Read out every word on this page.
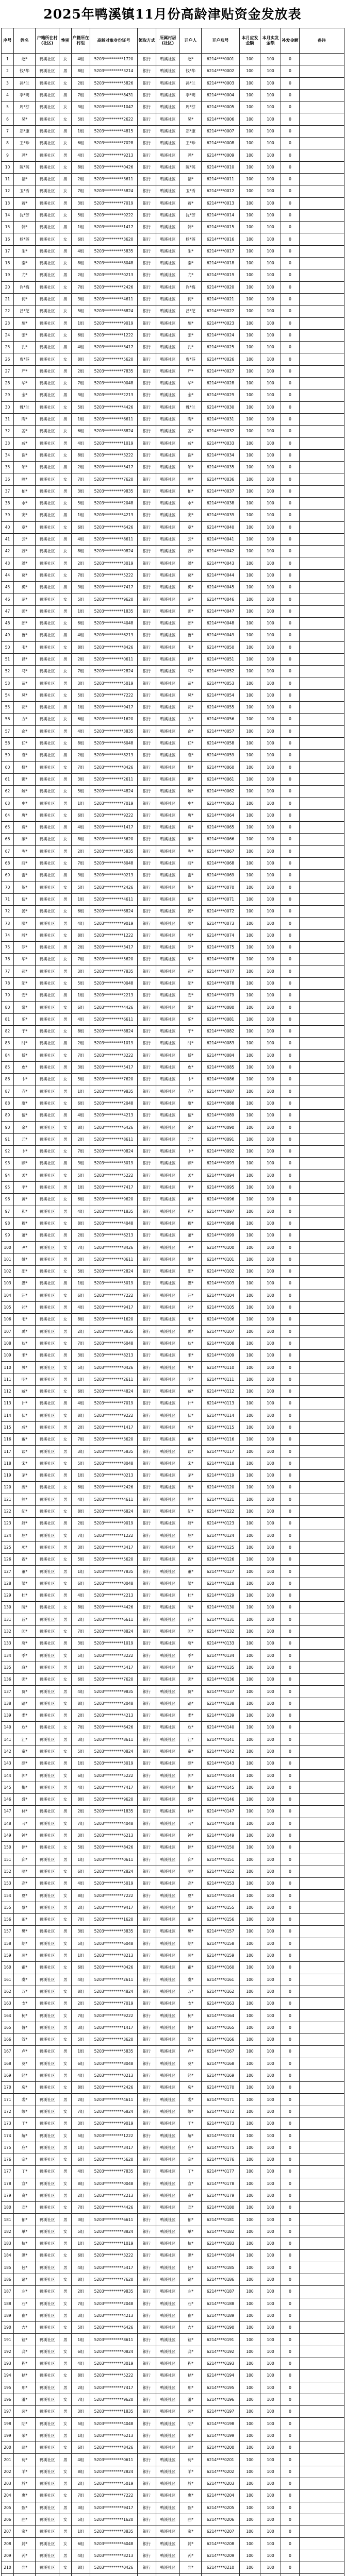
2025年鸭溪镇11月份高龄津贴资金发放表
序号	姓名	户籍所在村(社区)	性别	户籍所在村组	高龄对象身份证号	领取方式	所属村居(社区)	开户人	开户账号	本月应发金额	本月实发金额	补发金额	备注
1	赵*	鸭溪社区	女	4组	5203**********1720	银行	鸭溪社区	赵*	6214****0001	100	100	0	
2	钱*华	鸭溪社区	男	8组	5203**********3214	银行	鸭溪社区	钱*华	6214****0002	100	100	0	
3	孙*兰	鸭溪社区	女	2组	5203**********5826	银行	鸭溪社区	孙*兰	6214****0003	100	100	0	
4	李*明	鸭溪社区	男	7组	5203**********8431	银行	鸭溪社区	李*明	6214****0004	100	100	0	
5	周*芬	鸭溪社区	女	3组	5203**********1047	银行	鸭溪社区	周*芬	6214****0005	100	100	0	
6	吴*	鸭溪社区	女	5组	5203**********2622	银行	鸭溪社区	吴*	6214****0006	100	100	0	
7	郑*康	鸭溪社区	男	1组	5203**********4815	银行	鸭溪社区	郑*康	6214****0007	100	100	0	
8	王*珍	鸭溪社区	女	6组	5203**********7028	银行	鸭溪社区	王*珍	6214****0008	100	100	0	
9	冯*	鸭溪社区	男	4组	5203**********9213	银行	鸭溪社区	冯*	6214****0009	100	100	0	
10	陈*英	鸭溪社区	女	8组	5203**********0426	银行	鸭溪社区	陈*英	6214****0010	100	100	0	
11	褚*	鸭溪社区	男	2组	5203**********3611	银行	鸭溪社区	褚*	6214****0011	100	100	0	
12	卫*秀	鸭溪社区	女	7组	5203**********5824	银行	鸭溪社区	卫*秀	6214****0012	100	100	0	
13	蒋*	鸭溪社区	男	3组	5203**********7019	银行	鸭溪社区	蒋*	6214****0013	100	100	0	
14	沈*芳	鸭溪社区	女	5组	5203**********9222	银行	鸭溪社区	沈*芳	6214****0014	100	100	0	
15	韩*	鸭溪社区	男	1组	5203**********1417	银行	鸭溪社区	韩*	6214****0015	100	100	0	
16	杨*莲	鸭溪社区	女	6组	5203**********3620	银行	鸭溪社区	杨*莲	6214****0016	100	100	0	
17	朱*	鸭溪社区	男	4组	5203**********5835	银行	鸭溪社区	朱*	6214****0017	100	100	0	
18	秦*	鸭溪社区	女	8组	5203**********8048	银行	鸭溪社区	秦*	6214****0018	100	100	0	
19	尤*	鸭溪社区	男	2组	5203**********0213	银行	鸭溪社区	尤*	6214****0019	100	100	0	
20	许*梅	鸭溪社区	女	7组	5203**********2426	银行	鸭溪社区	许*梅	6214****0020	100	100	0	
21	何*	鸭溪社区	男	3组	5203**********4611	银行	鸭溪社区	何*	6214****0021	100	100	0	
22	吕*芝	鸭溪社区	女	5组	5203**********6824	银行	鸭溪社区	吕*芝	6214****0022	100	100	0	
23	施*	鸭溪社区	男	1组	5203**********9019	银行	鸭溪社区	施*	6214****0023	100	100	0	
24	张*	鸭溪社区	女	6组	5203**********1222	银行	鸭溪社区	张*	6214****0024	100	100	0	
25	孔*	鸭溪社区	男	4组	5203**********3417	银行	鸭溪社区	孔*	6214****0025	100	100	0	
26	曹*芬	鸭溪社区	女	8组	5203**********5620	银行	鸭溪社区	曹*芬	6214****0026	100	100	0	
27	严*	鸭溪社区	男	2组	5203**********7835	银行	鸭溪社区	严*	6214****0027	100	100	0	
28	华*	鸭溪社区	女	7组	5203**********0048	银行	鸭溪社区	华*	6214****0028	100	100	0	
29	金*	鸭溪社区	男	3组	5203**********2213	银行	鸭溪社区	金*	6214****0029	100	100	0	
30	魏*兰	鸭溪社区	女	5组	5203**********4426	银行	鸭溪社区	魏*兰	6214****0030	100	100	0	
31	陶*	鸭溪社区	男	1组	5203**********6611	银行	鸭溪社区	陶*	6214****0031	100	100	0	
32	姜*	鸭溪社区	女	6组	5203**********8824	银行	鸭溪社区	姜*	6214****0032	100	100	0	
33	戚*	鸭溪社区	男	4组	5203**********1019	银行	鸭溪社区	戚*	6214****0033	100	100	0	
34	谢*	鸭溪社区	女	8组	5203**********3222	银行	鸭溪社区	谢*	6214****0034	100	100	0	
35	邹*	鸭溪社区	男	2组	5203**********5417	银行	鸭溪社区	邹*	6214****0035	100	100	0	
36	喻*	鸭溪社区	女	7组	5203**********7620	银行	鸭溪社区	喻*	6214****0036	100	100	0	
37	柏*	鸭溪社区	男	3组	5203**********9835	银行	鸭溪社区	柏*	6214****0037	100	100	0	
38	水*	鸭溪社区	女	5组	5203**********2048	银行	鸭溪社区	水*	6214****0038	100	100	0	
39	窦*	鸭溪社区	男	1组	5203**********4213	银行	鸭溪社区	窦*	6214****0039	100	100	0	
40	章*	鸭溪社区	女	6组	5203**********6426	银行	鸭溪社区	章*	6214****0040	100	100	0	
41	云*	鸭溪社区	男	4组	5203**********8611	银行	鸭溪社区	云*	6214****0041	100	100	0	
42	苏*	鸭溪社区	女	8组	5203**********0824	银行	鸭溪社区	苏*	6214****0042	100	100	0	
43	潘*	鸭溪社区	男	2组	5203**********3019	银行	鸭溪社区	潘*	6214****0043	100	100	0	
44	葛*	鸭溪社区	女	7组	5203**********5222	银行	鸭溪社区	葛*	6214****0044	100	100	0	
45	奚*	鸭溪社区	男	3组	5203**********7417	银行	鸭溪社区	奚*	6214****0045	100	100	0	
46	范*	鸭溪社区	女	5组	5203**********9620	银行	鸭溪社区	范*	6214****0046	100	100	0	
47	彭*	鸭溪社区	男	1组	5203**********1835	银行	鸭溪社区	彭*	6214****0047	100	100	0	
48	郎*	鸭溪社区	女	6组	5203**********4048	银行	鸭溪社区	郎*	6214****0048	100	100	0	
49	鲁*	鸭溪社区	男	4组	5203**********6213	银行	鸭溪社区	鲁*	6214****0049	100	100	0	
50	韦*	鸭溪社区	女	8组	5203**********8426	银行	鸭溪社区	韦*	6214****0050	100	100	0	
51	昌*	鸭溪社区	男	2组	5203**********0611	银行	鸭溪社区	昌*	6214****0051	100	100	0	
52	马*	鸭溪社区	女	7组	5203**********2824	银行	鸭溪社区	马*	6214****0052	100	100	0	
53	苗*	鸭溪社区	男	3组	5203**********5019	银行	鸭溪社区	苗*	6214****0053	100	100	0	
54	凤*	鸭溪社区	女	5组	5203**********7222	银行	鸭溪社区	凤*	6214****0054	100	100	0	
55	花*	鸭溪社区	男	1组	5203**********9417	银行	鸭溪社区	花*	6214****0055	100	100	0	
56	方*	鸭溪社区	女	6组	5203**********1620	银行	鸭溪社区	方*	6214****0056	100	100	0	
57	俞*	鸭溪社区	男	4组	5203**********3835	银行	鸭溪社区	俞*	6214****0057	100	100	0	
58	任*	鸭溪社区	女	8组	5203**********6048	银行	鸭溪社区	任*	6214****0058	100	100	0	
59	袁*	鸭溪社区	男	2组	5203**********8213	银行	鸭溪社区	袁*	6214****0059	100	100	0	
60	柳*	鸭溪社区	女	7组	5203**********0426	银行	鸭溪社区	柳*	6214****0060	100	100	0	
61	酆*	鸭溪社区	男	3组	5203**********2611	银行	鸭溪社区	酆*	6214****0061	100	100	0	
62	鲍*	鸭溪社区	女	5组	5203**********4824	银行	鸭溪社区	鲍*	6214****0062	100	100	0	
63	史*	鸭溪社区	男	1组	5203**********7019	银行	鸭溪社区	史*	6214****0063	100	100	0	
64	唐*	鸭溪社区	女	6组	5203**********9222	银行	鸭溪社区	唐*	6214****0064	100	100	0	
65	费*	鸭溪社区	男	4组	5203**********1417	银行	鸭溪社区	费*	6214****0065	100	100	0	
66	廉*	鸭溪社区	女	8组	5203**********3620	银行	鸭溪社区	廉*	6214****0066	100	100	0	
67	岑*	鸭溪社区	男	2组	5203**********5835	银行	鸭溪社区	岑*	6214****0067	100	100	0	
68	薛*	鸭溪社区	女	7组	5203**********8048	银行	鸭溪社区	薛*	6214****0068	100	100	0	
69	雷*	鸭溪社区	男	3组	5203**********0213	银行	鸭溪社区	雷*	6214****0069	100	100	0	
70	贺*	鸭溪社区	女	5组	5203**********2426	银行	鸭溪社区	贺*	6214****0070	100	100	0	
71	倪*	鸭溪社区	男	1组	5203**********4611	银行	鸭溪社区	倪*	6214****0071	100	100	0	
72	汤*	鸭溪社区	女	6组	5203**********6824	银行	鸭溪社区	汤*	6214****0072	100	100	0	
73	滕*	鸭溪社区	男	4组	5203**********9019	银行	鸭溪社区	滕*	6214****0073	100	100	0	
74	殷*	鸭溪社区	女	8组	5203**********1222	银行	鸭溪社区	殷*	6214****0074	100	100	0	
75	罗*	鸭溪社区	男	2组	5203**********3417	银行	鸭溪社区	罗*	6214****0075	100	100	0	
76	毕*	鸭溪社区	女	7组	5203**********5620	银行	鸭溪社区	毕*	6214****0076	100	100	0	
77	郝*	鸭溪社区	男	3组	5203**********7835	银行	鸭溪社区	郝*	6214****0077	100	100	0	
78	邬*	鸭溪社区	女	5组	5203**********0048	银行	鸭溪社区	邬*	6214****0078	100	100	0	
79	安*	鸭溪社区	男	1组	5203**********2213	银行	鸭溪社区	安*	6214****0079	100	100	0	
80	常*	鸭溪社区	女	6组	5203**********4426	银行	鸭溪社区	常*	6214****0080	100	100	0	
81	乐*	鸭溪社区	男	4组	5203**********6611	银行	鸭溪社区	乐*	6214****0081	100	100	0	
82	于*	鸭溪社区	女	8组	5203**********8824	银行	鸭溪社区	于*	6214****0082	100	100	0	
83	时*	鸭溪社区	男	2组	5203**********1019	银行	鸭溪社区	时*	6214****0083	100	100	0	
84	傅*	鸭溪社区	女	7组	5203**********3222	银行	鸭溪社区	傅*	6214****0084	100	100	0	
85	皮*	鸭溪社区	男	3组	5203**********5417	银行	鸭溪社区	皮*	6214****0085	100	100	0	
86	卞*	鸭溪社区	女	5组	5203**********7620	银行	鸭溪社区	卞*	6214****0086	100	100	0	
87	齐*	鸭溪社区	男	1组	5203**********9835	银行	鸭溪社区	齐*	6214****0087	100	100	0	
88	康*	鸭溪社区	女	6组	5203**********2048	银行	鸭溪社区	康*	6214****0088	100	100	0	
89	伍*	鸭溪社区	男	4组	5203**********4213	银行	鸭溪社区	伍*	6214****0089	100	100	0	
90	余*	鸭溪社区	女	8组	5203**********6426	银行	鸭溪社区	余*	6214****0090	100	100	0	
91	元*	鸭溪社区	男	2组	5203**********8611	银行	鸭溪社区	元*	6214****0091	100	100	0	
92	卜*	鸭溪社区	女	7组	5203**********0824	银行	鸭溪社区	卜*	6214****0092	100	100	0	
93	顾*	鸭溪社区	男	3组	5203**********3019	银行	鸭溪社区	顾*	6214****0093	100	100	0	
94	孟*	鸭溪社区	女	5组	5203**********5222	银行	鸭溪社区	孟*	6214****0094	100	100	0	
95	平*	鸭溪社区	男	1组	5203**********7417	银行	鸭溪社区	平*	6214****0095	100	100	0	
96	黄*	鸭溪社区	女	6组	5203**********9620	银行	鸭溪社区	黄*	6214****0096	100	100	0	
97	和*	鸭溪社区	男	4组	5203**********1835	银行	鸭溪社区	和*	6214****0097	100	100	0	
98	穆*	鸭溪社区	女	8组	5203**********4048	银行	鸭溪社区	穆*	6214****0098	100	100	0	
99	萧*	鸭溪社区	男	2组	5203**********6213	银行	鸭溪社区	萧*	6214****0099	100	100	0	
100	尹*	鸭溪社区	女	7组	5203**********8426	银行	鸭溪社区	尹*	6214****0100	100	100	0	
101	姚*	鸭溪社区	男	3组	5203**********0611	银行	鸭溪社区	姚*	6214****0101	100	100	0	
102	邵*	鸭溪社区	女	5组	5203**********2824	银行	鸭溪社区	邵*	6214****0102	100	100	0	
103	湛*	鸭溪社区	男	1组	5203**********5019	银行	鸭溪社区	湛*	6214****0103	100	100	0	
104	汪*	鸭溪社区	女	6组	5203**********7222	银行	鸭溪社区	汪*	6214****0104	100	100	0	
105	祁*	鸭溪社区	男	4组	5203**********9417	银行	鸭溪社区	祁*	6214****0105	100	100	0	
106	毛*	鸭溪社区	女	8组	5203**********1620	银行	鸭溪社区	毛*	6214****0106	100	100	0	
107	禹*	鸭溪社区	男	2组	5203**********3835	银行	鸭溪社区	禹*	6214****0107	100	100	0	
108	狄*	鸭溪社区	女	7组	5203**********6048	银行	鸭溪社区	狄*	6214****0108	100	100	0	
109	米*	鸭溪社区	男	3组	5203**********8213	银行	鸭溪社区	米*	6214****0109	100	100	0	
110	贝*	鸭溪社区	女	5组	5203**********0426	银行	鸭溪社区	贝*	6214****0110	100	100	0	
111	明*	鸭溪社区	男	1组	5203**********2611	银行	鸭溪社区	明*	6214****0111	100	100	0	
112	臧*	鸭溪社区	女	6组	5203**********4824	银行	鸭溪社区	臧*	6214****0112	100	100	0	
113	计*	鸭溪社区	男	4组	5203**********7019	银行	鸭溪社区	计*	6214****0113	100	100	0	
114	伏*	鸭溪社区	女	8组	5203**********9222	银行	鸭溪社区	伏*	6214****0114	100	100	0	
115	成*	鸭溪社区	男	2组	5203**********1417	银行	鸭溪社区	成*	6214****0115	100	100	0	
116	戴*	鸭溪社区	女	7组	5203**********3620	银行	鸭溪社区	戴*	6214****0116	100	100	0	
117	谈*	鸭溪社区	男	3组	5203**********5835	银行	鸭溪社区	谈*	6214****0117	100	100	0	
118	宋*	鸭溪社区	女	5组	5203**********8048	银行	鸭溪社区	宋*	6214****0118	100	100	0	
119	茅*	鸭溪社区	男	1组	5203**********0213	银行	鸭溪社区	茅*	6214****0119	100	100	0	
120	庞*	鸭溪社区	女	6组	5203**********2426	银行	鸭溪社区	庞*	6214****0120	100	100	0	
121	熊*	鸭溪社区	男	4组	5203**********4611	银行	鸭溪社区	熊*	6214****0121	100	100	0	
122	纪*	鸭溪社区	女	8组	5203**********6824	银行	鸭溪社区	纪*	6214****0122	100	100	0	
123	舒*	鸭溪社区	男	2组	5203**********9019	银行	鸭溪社区	舒*	6214****0123	100	100	0	
124	屈*	鸭溪社区	女	7组	5203**********1222	银行	鸭溪社区	屈*	6214****0124	100	100	0	
125	项*	鸭溪社区	男	3组	5203**********3417	银行	鸭溪社区	项*	6214****0125	100	100	0	
126	祝*	鸭溪社区	女	5组	5203**********5620	银行	鸭溪社区	祝*	6214****0126	100	100	0	
127	董*	鸭溪社区	男	1组	5203**********7835	银行	鸭溪社区	董*	6214****0127	100	100	0	
128	梁*	鸭溪社区	女	6组	5203**********0048	银行	鸭溪社区	梁*	6214****0128	100	100	0	
129	杜*	鸭溪社区	男	4组	5203**********2213	银行	鸭溪社区	杜*	6214****0129	100	100	0	
130	阮*	鸭溪社区	女	8组	5203**********4426	银行	鸭溪社区	阮*	6214****0130	100	100	0	
131	蓝*	鸭溪社区	男	2组	5203**********6611	银行	鸭溪社区	蓝*	6214****0131	100	100	0	
132	闵*	鸭溪社区	女	7组	5203**********8824	银行	鸭溪社区	闵*	6214****0132	100	100	0	
133	席*	鸭溪社区	男	3组	5203**********1019	银行	鸭溪社区	席*	6214****0133	100	100	0	
134	季*	鸭溪社区	女	5组	5203**********3222	银行	鸭溪社区	季*	6214****0134	100	100	0	
135	麻*	鸭溪社区	男	1组	5203**********5417	银行	鸭溪社区	麻*	6214****0135	100	100	0	
136	强*	鸭溪社区	女	6组	5203**********7620	银行	鸭溪社区	强*	6214****0136	100	100	0	
137	贾*	鸭溪社区	男	4组	5203**********9835	银行	鸭溪社区	贾*	6214****0137	100	100	0	
138	路*	鸭溪社区	女	8组	5203**********2048	银行	鸭溪社区	路*	6214****0138	100	100	0	
139	娄*	鸭溪社区	男	2组	5203**********4213	银行	鸭溪社区	娄*	6214****0139	100	100	0	
140	危*	鸭溪社区	女	7组	5203**********6426	银行	鸭溪社区	危*	6214****0140	100	100	0	
141	江*	鸭溪社区	男	3组	5203**********8611	银行	鸭溪社区	江*	6214****0141	100	100	0	
142	童*	鸭溪社区	女	5组	5203**********0824	银行	鸭溪社区	童*	6214****0142	100	100	0	
143	颜*	鸭溪社区	男	1组	5203**********3019	银行	鸭溪社区	颜*	6214****0143	100	100	0	
144	郭*	鸭溪社区	女	6组	5203**********5222	银行	鸭溪社区	郭*	6214****0144	100	100	0	
145	梅*	鸭溪社区	男	4组	5203**********7417	银行	鸭溪社区	梅*	6214****0145	100	100	0	
146	盛*	鸭溪社区	女	8组	5203**********9620	银行	鸭溪社区	盛*	6214****0146	100	100	0	
147	林*	鸭溪社区	男	2组	5203**********1835	银行	鸭溪社区	林*	6214****0147	100	100	0	
148	刁*	鸭溪社区	女	7组	5203**********4048	银行	鸭溪社区	刁*	6214****0148	100	100	0	
149	钟*	鸭溪社区	男	3组	5203**********6213	银行	鸭溪社区	钟*	6214****0149	100	100	0	
150	徐*	鸭溪社区	女	5组	5203**********8426	银行	鸭溪社区	徐*	6214****0150	100	100	0	
151	邱*	鸭溪社区	男	1组	5203**********0611	银行	鸭溪社区	邱*	6214****0151	100	100	0	
152	骆*	鸭溪社区	女	6组	5203**********2824	银行	鸭溪社区	骆*	6214****0152	100	100	0	
153	高*	鸭溪社区	男	4组	5203**********5019	银行	鸭溪社区	高*	6214****0153	100	100	0	
154	夏*	鸭溪社区	女	8组	5203**********7222	银行	鸭溪社区	夏*	6214****0154	100	100	0	
155	蔡*	鸭溪社区	男	2组	5203**********9417	银行	鸭溪社区	蔡*	6214****0155	100	100	0	
156	田*	鸭溪社区	女	7组	5203**********1620	银行	鸭溪社区	田*	6214****0156	100	100	0	
157	樊*	鸭溪社区	男	3组	5203**********3835	银行	鸭溪社区	樊*	6214****0157	100	100	0	
158	胡*	鸭溪社区	女	5组	5203**********6048	银行	鸭溪社区	胡*	6214****0158	100	100	0	
159	凌*	鸭溪社区	男	1组	5203**********8213	银行	鸭溪社区	凌*	6214****0159	100	100	0	
160	霍*	鸭溪社区	女	6组	5203**********0426	银行	鸭溪社区	霍*	6214****0160	100	100	0	
161	虞*	鸭溪社区	男	4组	5203**********2611	银行	鸭溪社区	虞*	6214****0161	100	100	0	
162	万*	鸭溪社区	女	8组	5203**********4824	银行	鸭溪社区	万*	6214****0162	100	100	0	
163	支*	鸭溪社区	男	2组	5203**********7019	银行	鸭溪社区	支*	6214****0163	100	100	0	
164	柯*	鸭溪社区	女	7组	5203**********9222	银行	鸭溪社区	柯*	6214****0164	100	100	0	
165	昝*	鸭溪社区	男	3组	5203**********1417	银行	鸭溪社区	昝*	6214****0165	100	100	0	
166	管*	鸭溪社区	女	5组	5203**********3620	银行	鸭溪社区	管*	6214****0166	100	100	0	
167	卢*	鸭溪社区	男	1组	5203**********5835	银行	鸭溪社区	卢*	6214****0167	100	100	0	
168	莫*	鸭溪社区	女	6组	5203**********8048	银行	鸭溪社区	莫*	6214****0168	100	100	0	
169	经*	鸭溪社区	男	4组	5203**********0213	银行	鸭溪社区	经*	6214****0169	100	100	0	
170	房*	鸭溪社区	女	8组	5203**********2426	银行	鸭溪社区	房*	6214****0170	100	100	0	
171	裘*	鸭溪社区	男	2组	5203**********4611	银行	鸭溪社区	裘*	6214****0171	100	100	0	
172	缪*	鸭溪社区	女	7组	5203**********6824	银行	鸭溪社区	缪*	6214****0172	100	100	0	
173	干*	鸭溪社区	男	3组	5203**********9019	银行	鸭溪社区	干*	6214****0173	100	100	0	
174	解*	鸭溪社区	女	5组	5203**********1222	银行	鸭溪社区	解*	6214****0174	100	100	0	
175	应*	鸭溪社区	男	1组	5203**********3417	银行	鸭溪社区	应*	6214****0175	100	100	0	
176	宗*	鸭溪社区	女	6组	5203**********5620	银行	鸭溪社区	宗*	6214****0176	100	100	0	
177	丁*	鸭溪社区	男	4组	5203**********7835	银行	鸭溪社区	丁*	6214****0177	100	100	0	
178	宣*	鸭溪社区	女	8组	5203**********0048	银行	鸭溪社区	宣*	6214****0178	100	100	0	
179	贲*	鸭溪社区	男	2组	5203**********2213	银行	鸭溪社区	贲*	6214****0179	100	100	0	
180	邓*	鸭溪社区	女	7组	5203**********4426	银行	鸭溪社区	邓*	6214****0180	100	100	0	
181	郁*	鸭溪社区	男	3组	5203**********6611	银行	鸭溪社区	郁*	6214****0181	100	100	0	
182	单*	鸭溪社区	女	5组	5203**********8824	银行	鸭溪社区	单*	6214****0182	100	100	0	
183	杭*	鸭溪社区	男	1组	5203**********1019	银行	鸭溪社区	杭*	6214****0183	100	100	0	
184	洪*	鸭溪社区	女	6组	5203**********3222	银行	鸭溪社区	洪*	6214****0184	100	100	0	
185	包*	鸭溪社区	男	4组	5203**********5417	银行	鸭溪社区	包*	6214****0185	100	100	0	
186	诸*	鸭溪社区	女	8组	5203**********7620	银行	鸭溪社区	诸*	6214****0186	100	100	0	
187	左*	鸭溪社区	男	2组	5203**********9835	银行	鸭溪社区	左*	6214****0187	100	100	0	
188	石*	鸭溪社区	女	7组	5203**********2048	银行	鸭溪社区	石*	6214****0188	100	100	0	
189	崔*	鸭溪社区	男	3组	5203**********4213	银行	鸭溪社区	崔*	6214****0189	100	100	0	
190	吉*	鸭溪社区	女	5组	5203**********6426	银行	鸭溪社区	吉*	6214****0190	100	100	0	
191	钮*	鸭溪社区	男	1组	5203**********8611	银行	鸭溪社区	钮*	6214****0191	100	100	0	
192	龚*	鸭溪社区	女	6组	5203**********0824	银行	鸭溪社区	龚*	6214****0192	100	100	0	
193	程*	鸭溪社区	男	4组	5203**********3019	银行	鸭溪社区	程*	6214****0193	100	100	0	
194	嵇*	鸭溪社区	女	8组	5203**********5222	银行	鸭溪社区	嵇*	6214****0194	100	100	0	
195	邢*	鸭溪社区	男	2组	5203**********7417	银行	鸭溪社区	邢*	6214****0195	100	100	0	
196	滑*	鸭溪社区	女	7组	5203**********9620	银行	鸭溪社区	滑*	6214****0196	100	100	0	
197	裴*	鸭溪社区	男	3组	5203**********1835	银行	鸭溪社区	裴*	6214****0197	100	100	0	
198	陆*	鸭溪社区	女	5组	5203**********4048	银行	鸭溪社区	陆*	6214****0198	100	100	0	
199	荣*	鸭溪社区	男	1组	5203**********6213	银行	鸭溪社区	荣*	6214****0199	100	100	0	
200	翁*	鸭溪社区	女	6组	5203**********8426	银行	鸭溪社区	翁*	6214****0200	100	100	0	
201	荀*	鸭溪社区	男	4组	5203**********0611	银行	鸭溪社区	荀*	6214****0201	100	100	0	
202	羊*	鸭溪社区	女	8组	5203**********2824	银行	鸭溪社区	羊*	6214****0202	100	100	0	
203	於*	鸭溪社区	男	2组	5203**********5019	银行	鸭溪社区	於*	6214****0203	100	100	0	
204	惠*	鸭溪社区	女	7组	5203**********7222	银行	鸭溪社区	惠*	6214****0204	100	100	0	
205	甄*	鸭溪社区	男	3组	5203**********9417	银行	鸭溪社区	甄*	6214****0205	100	100	0	
206	曲*	鸭溪社区	女	5组	5203**********1620	银行	鸭溪社区	曲*	6214****0206	100	100	0	
207	家*	鸭溪社区	男	1组	5203**********3835	银行	鸭溪社区	家*	6214****0207	100	100	0	
208	封*	鸭溪社区	女	6组	5203**********6048	银行	鸭溪社区	封*	6214****0208	100	100	0	
209	芮*	鸭溪社区	男	4组	5203**********8213	银行	鸭溪社区	芮*	6214****0209	100	100	0	
210	羿*	鸭溪社区	女	8组	5203**********0426	银行	鸭溪社区	羿*	6214****0210	100	100	0	
